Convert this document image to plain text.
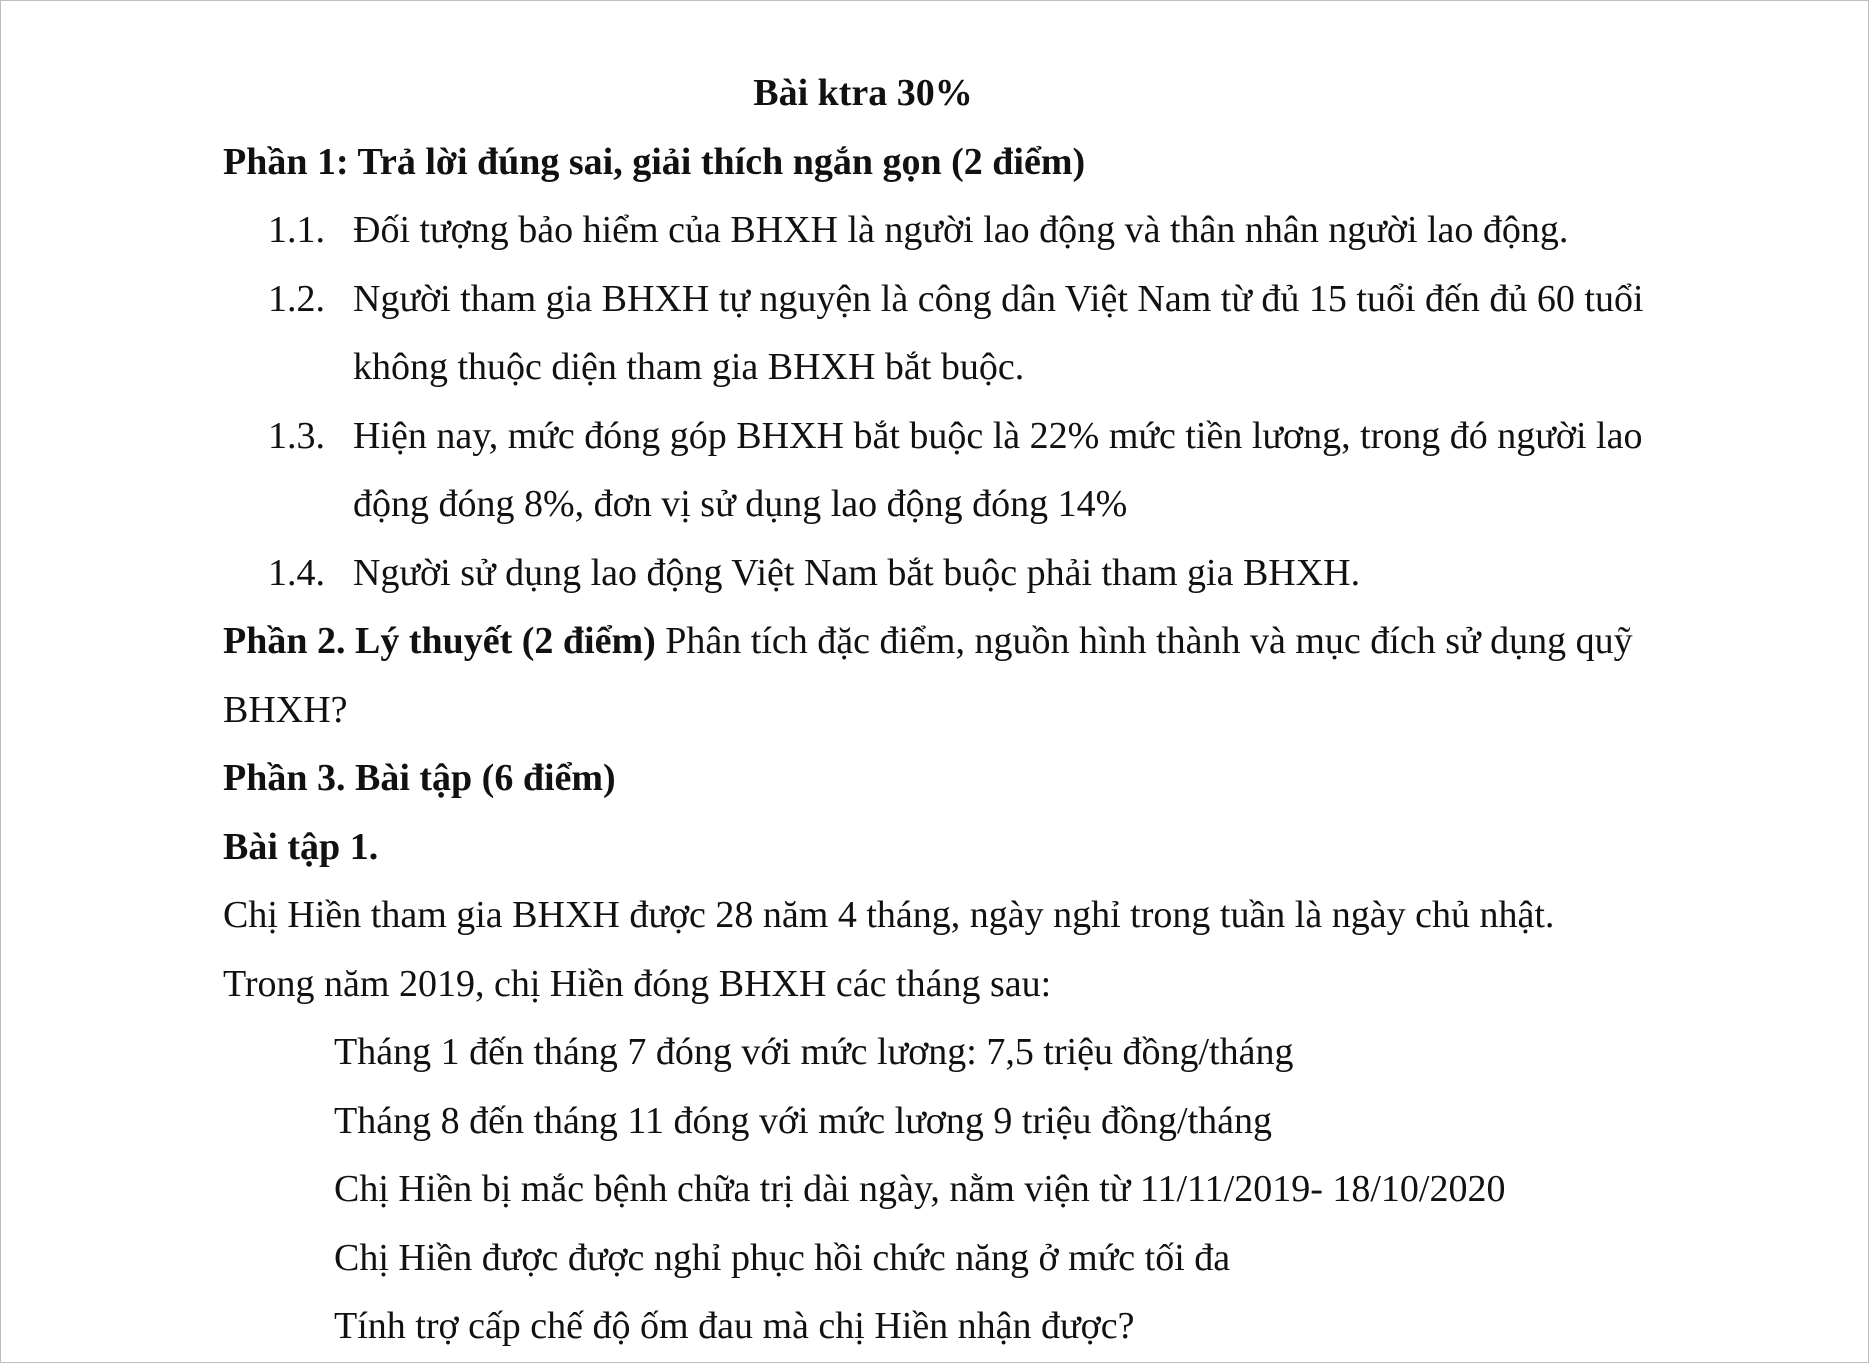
Bài ktra 30%
Phần 1: Trả lời đúng sai, giải thích ngắn gọn (2 điểm)
1.1. Đối tượng bảo hiểm của BHXH là người lao động và thân nhân người lao động.
1.2. Người tham gia BHXH tự nguyện là công dân Việt Nam từ đủ 15 tuổi đến đủ 60 tuổi không thuộc diện tham gia BHXH bắt buộc.
1.3. Hiện nay, mức đóng góp BHXH bắt buộc là 22% mức tiền lương, trong đó người lao động đóng 8%, đơn vị sử dụng lao động đóng 14%
1.4. Người sử dụng lao động Việt Nam bắt buộc phải tham gia BHXH.
Phần 2. Lý thuyết (2 điểm) Phân tích đặc điểm, nguồn hình thành và mục đích sử dụng quỹ BHXH?
Phần 3. Bài tập (6 điểm)
Bài tập 1.
Chị Hiền tham gia BHXH được 28 năm 4 tháng, ngày nghỉ trong tuần là ngày chủ nhật.
Trong năm 2019, chị Hiền đóng BHXH các tháng sau:
Tháng 1 đến tháng 7 đóng với mức lương: 7,5 triệu đồng/tháng
Tháng 8 đến tháng 11 đóng với mức lương 9 triệu đồng/tháng
Chị Hiền bị mắc bệnh chữa trị dài ngày, nằm viện từ 11/11/2019- 18/10/2020
Chị Hiền được được nghỉ phục hồi chức năng ở mức tối đa
Tính trợ cấp chế độ ốm đau mà chị Hiền nhận được?
